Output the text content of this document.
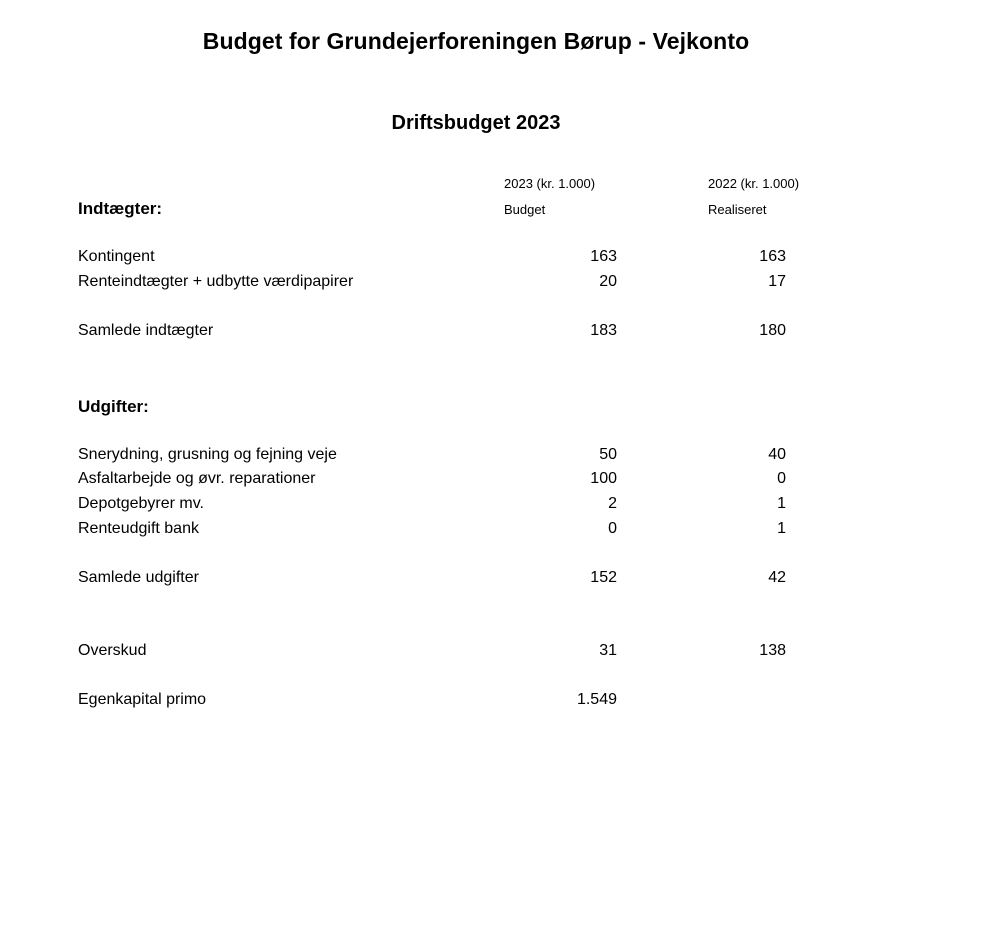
Budget for Grundejerforeningen Børup - Vejkonto
Driftsbudget 2023
2023 (kr. 1.000)
Budget
2022 (kr. 1.000)
Realiseret
Indtægter:
Kontingent	163	163
Renteindtægter + udbytte værdipapirer	20	17
Samlede indtægter	183	180
Udgifter:
Snerydning, grusning og fejning veje	50	40
Asfaltarbejde og øvr. reparationer	100	0
Depotgebyrer mv.	2	1
Renteudgift bank	0	1
Samlede udgifter	152	42
Overskud	31	138
Egenkapital primo	1.549
